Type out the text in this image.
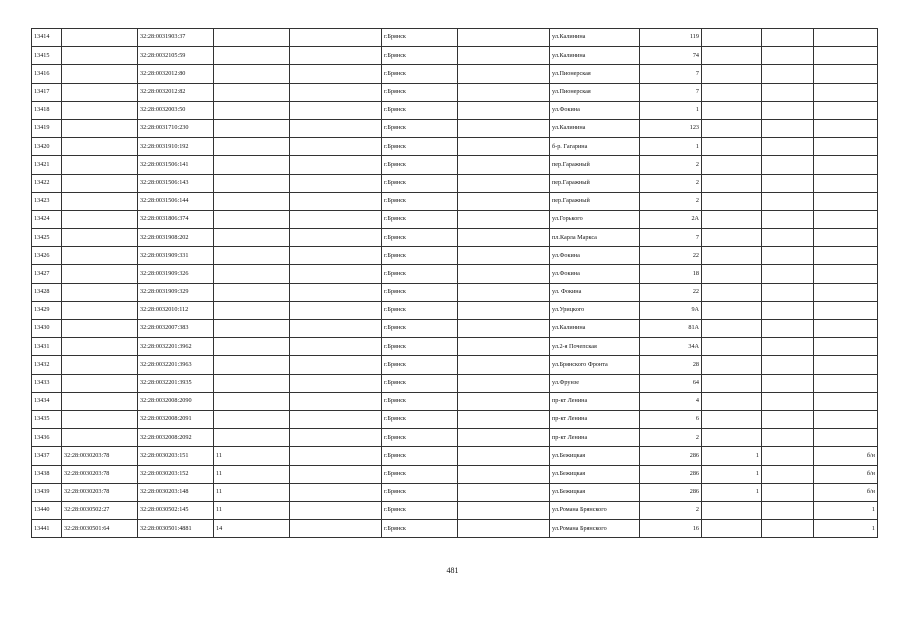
13414		32:28:0031903:37			г.Брянск		ул.Калинина	119			
13415		32:28:0032105:59			г.Брянск		ул.Калинина	74			
13416		32:28:0032012:80			г.Брянск		ул.Пионерская	7			
13417		32:28:0032012:82			г.Брянск		ул.Пионерская	7			
13418		32:28:0032003:50			г.Брянск		ул.Фокина	1			
13419		32:28:0031710:230			г.Брянск		ул.Калинина	123			
13420		32:28:0031910:192			г.Брянск		б-р. Гагарина	1			
13421		32:28:0031506:141			г.Брянск		пер.Гаражный	2			
13422		32:28:0031506:143			г.Брянск		пер.Гаражный	2			
13423		32:28:0031506:144			г.Брянск		пер.Гаражный	2			
13424		32:28:0031806:374			г.Брянск		ул.Горького	2А			
13425		32:28:0031908:202			г.Брянск		пл.Карла Маркса	7			
13426		32:28:0031909:331			г.Брянск		ул.Фокина	22			
13427		32:28:0031909:326			г.Брянск		ул.Фокина	18			
13428		32:28:0031909:329			г.Брянск		ул. Фокина	22			
13429		32:28:0032010:112			г.Брянск		ул.Урицкого	9А			
13430		32:28:0032007:383			г.Брянск		ул.Калинина	81А			
13431		32:28:0032201:3962			г.Брянск		ул.2-я Почепская	34А			
13432		32:28:0032201:3963			г.Брянск		ул.Брянского Фронта	28			
13433		32:28:0032201:3935			г.Брянск		ул.Фрунзе	64			
13434		32:28:0032008:2090			г.Брянск		пр-кт Ленина	4			
13435		32:28:0032008:2091			г.Брянск		пр-кт Ленина	6			
13436		32:28:0032008:2092			г.Брянск		пр-кт Ленина	2			
13437	32:28:0030203:78	32:28:0030203:151	11		г.Брянск		ул.Бежицкая	286	1		б/н
13438	32:28:0030203:78	32:28:0030203:152	11		г.Брянск		ул.Бежицкая	286	1		б/н
13439	32:28:0030203:78	32:28:0030203:148	11		г.Брянск		ул.Бежицкая	286	1		б/н
13440	32:28:0030502:27	32:28:0030502:145	11		г.Брянск		ул.Романа Брянского	2			1
13441	32:28:0030501:64	32:28:0030501:4881	14		г.Брянск		ул.Романа Брянского	16			1
481
